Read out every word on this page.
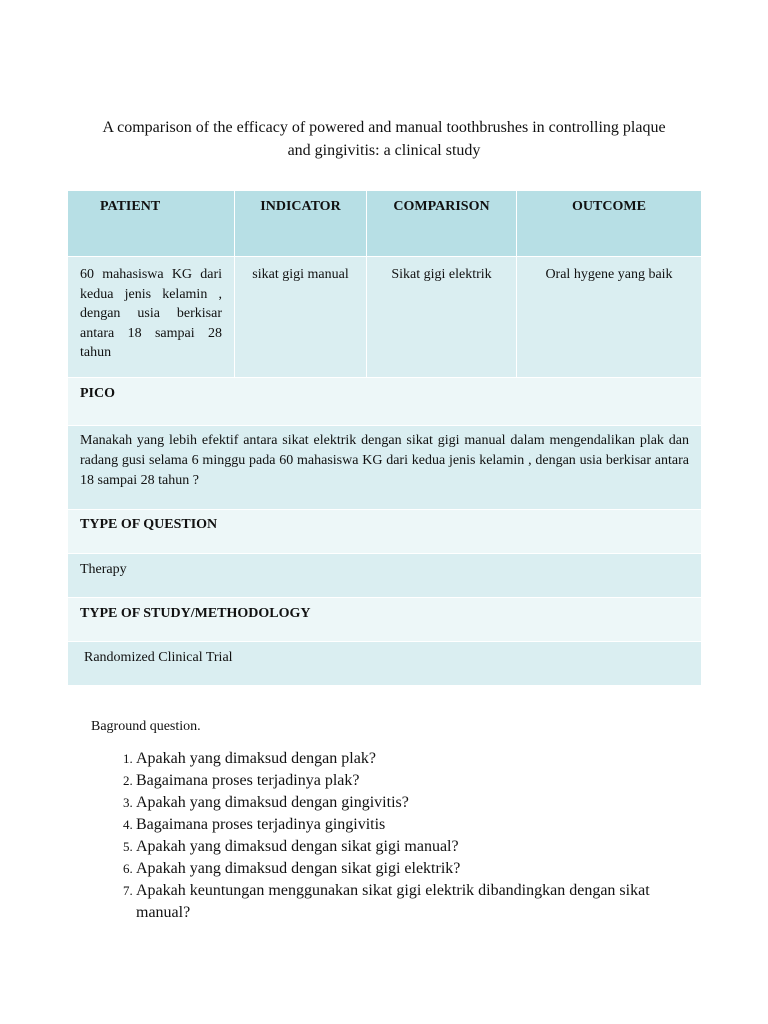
A comparison of the efficacy of powered and manual toothbrushes in controlling plaque and gingivitis: a clinical study
PATIENT	INDICATOR	COMPARISON	OUTCOME
60 mahasiswa KG dari kedua jenis kelamin , dengan usia berkisar antara 18 sampai 28 tahun	sikat gigi manual	Sikat gigi elektrik	Oral hygene yang baik
PICO			
Manakah yang lebih efektif antara sikat elektrik dengan sikat gigi manual dalam mengendalikan plak dan radang gusi selama 6 minggu pada 60 mahasiswa KG dari kedua jenis kelamin , dengan usia berkisar antara 18 sampai 28 tahun ?			
TYPE OF QUESTION			
Therapy			
TYPE OF STUDY/METHODOLOGY			
Randomized Clinical Trial			
Baground question.
1. Apakah yang dimaksud dengan plak?
2. Bagaimana proses terjadinya plak?
3. Apakah yang dimaksud dengan gingivitis?
4. Bagaimana proses terjadinya gingivitis
5. Apakah yang dimaksud dengan sikat gigi manual?
6. Apakah yang dimaksud dengan sikat gigi elektrik?
7. Apakah keuntungan menggunakan sikat gigi elektrik dibandingkan dengan sikat manual?
